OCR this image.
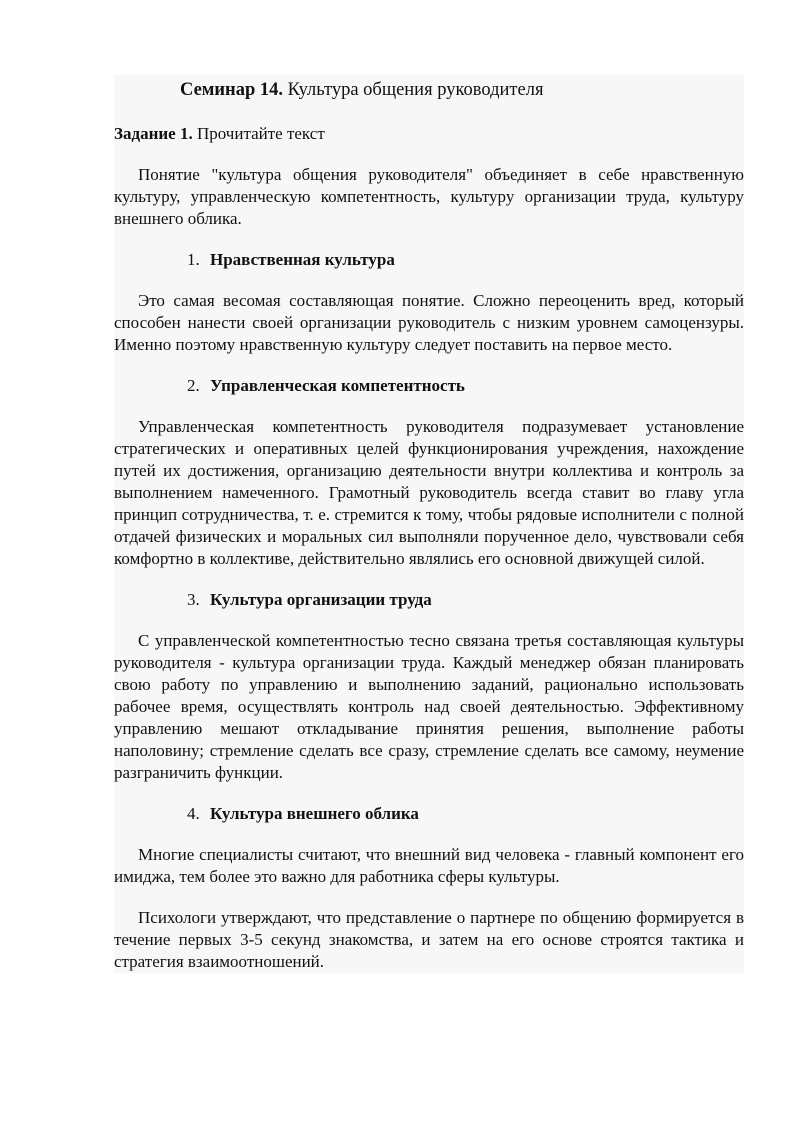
Семинар 14. Культура общения руководителя
Задание 1. Прочитайте текст

Понятие "культура общения руководителя" объединяет в себе нравственную культуру, управленческую компетентность, культуру организации труда, культуру внешнего облика.

1. Нравственная культура

Это самая весомая составляющая понятие. Сложно переоценить вред, который способен нанести своей организации руководитель с низким уровнем самоцензуры. Именно поэтому нравственную культуру следует поставить на первое место.

2. Управленческая компетентность

Управленческая компетентность руководителя подразумевает установление стратегических и оперативных целей функционирования учреждения, нахождение путей их достижения, организацию деятельности внутри коллектива и контроль за выполнением намеченного. Грамотный руководитель всегда ставит во главу угла принцип сотрудничества, т. е. стремится к тому, чтобы рядовые исполнители с полной отдачей физических и моральных сил выполняли порученное дело, чувствовали себя комфортно в коллективе, действительно являлись его основной движущей силой.

3. Культура организации труда

С управленческой компетентностью тесно связана третья составляющая культуры руководителя - культура организации труда. Каждый менеджер обязан планировать свою работу по управлению и выполнению заданий, рационально использовать рабочее время, осуществлять контроль над своей деятельностью. Эффективному управлению мешают откладывание принятия решения, выполнение работы наполовину; стремление сделать все сразу, стремление сделать все самому, неумение разграничить функции.

4. Культура внешнего облика

Многие специалисты считают, что внешний вид человека - главный компонент его имиджа, тем более это важно для работника сферы культуры.

Психологи утверждают, что представление о партнере по общению формируется в течение первых 3-5 секунд знакомства, и затем на его основе строятся тактика и стратегия взаимоотношений.
